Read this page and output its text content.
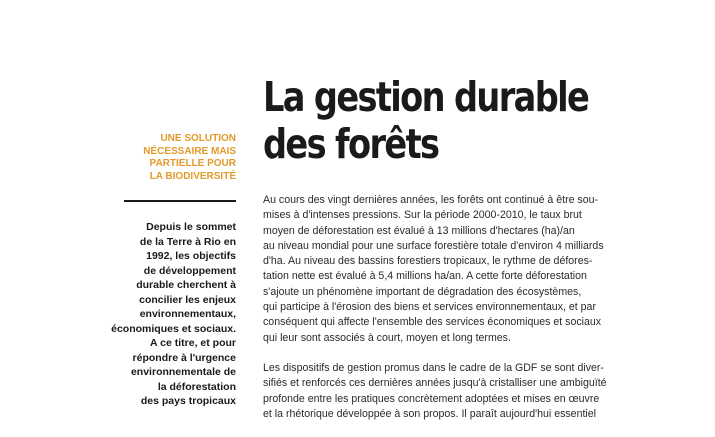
La gestion durable
des forêts
UNE SOLUTION
NÉCESSAIRE MAIS
PARTIELLE POUR
LA BIODIVERSITÉ
Depuis le sommet
de la Terre à Rio en
1992, les objectifs
de développement
durable cherchent à
concilier les enjeux
environnementaux,
économiques et sociaux.
A ce titre, et pour
répondre à l'urgence
environnementale de
la déforestation
des pays tropicaux

Au cours des vingt dernières années, les forêts ont continué à être sou-
mises à d'intenses pressions. Sur la période 2000-2010, le taux brut
moyen de déforestation est évalué à 13 millions d'hectares (ha)/an
au niveau mondial pour une surface forestière totale d'environ 4 milliards
d'ha. Au niveau des bassins forestiers tropicaux, le rythme de défores-
tation nette est évalué à 5,4 millions ha/an. A cette forte déforestation
s'ajoute un phénomène important de dégradation des écosystèmes,
qui participe à l'érosion des biens et services environnementaux, et par
conséquent qui affecte l'ensemble des services économiques et sociaux
qui leur sont associés à court, moyen et long termes.

Les dispositifs de gestion promus dans le cadre de la GDF se sont diver-
sifiés et renforcés ces dernières années jusqu'à cristalliser une ambiguïté
profonde entre les pratiques concrètement adoptées et mises en œuvre
et la rhétorique développée à son propos. Il paraît aujourd'hui essentiel
